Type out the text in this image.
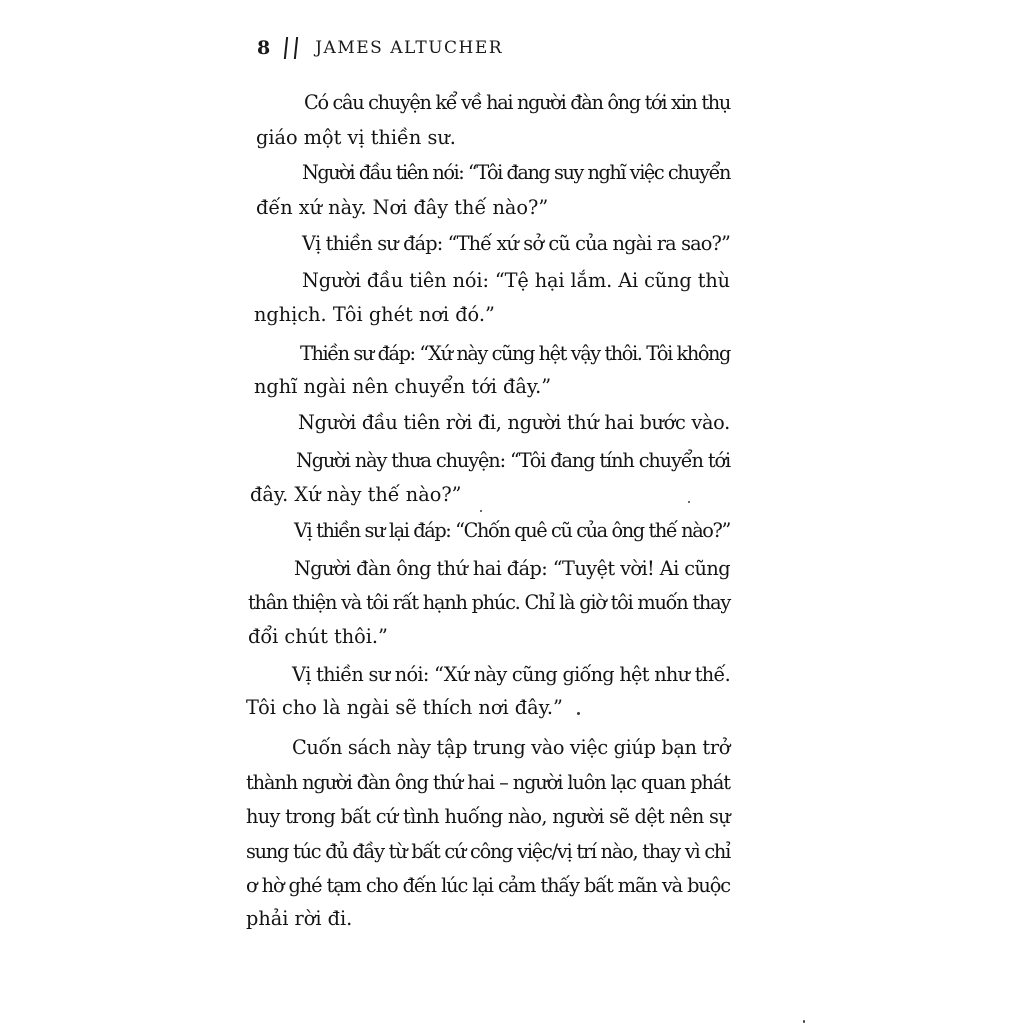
8	JAMES ALTUCHER
Có câu chuyện kể về hai người đàn ông tới xin thụ
giáo một vị thiền sư.
Người đầu tiên nói: “Tôi đang suy nghĩ việc chuyển
đến xứ này. Nơi đây thế nào?”
Vị thiền sư đáp: “Thế xứ sở cũ của ngài ra sao?”
Người đầu tiên nói: “Tệ hại lắm. Ai cũng thù
nghịch. Tôi ghét nơi đó.”
Thiền sư đáp: “Xứ này cũng hệt vậy thôi. Tôi không
nghĩ ngài nên chuyển tới đây.”
Người đầu tiên rời đi, người thứ hai bước vào.
Người này thưa chuyện: “Tôi đang tính chuyển tới
đây. Xứ này thế nào?”
Vị thiền sư lại đáp: “Chốn quê cũ của ông thế nào?”
Người đàn ông thứ hai đáp: “Tuyệt vời! Ai cũng
thân thiện và tôi rất hạnh phúc. Chỉ là giờ tôi muốn thay
đổi chút thôi.”
Vị thiền sư nói: “Xứ này cũng giống hệt như thế.
Tôi cho là ngài sẽ thích nơi đây.”
Cuốn sách này tập trung vào việc giúp bạn trở
thành người đàn ông thứ hai – người luôn lạc quan phát
huy trong bất cứ tình huống nào, người sẽ dệt nên sự
sung túc đủ đầy từ bất cứ công việc/vị trí nào, thay vì chỉ
ơ hờ ghé tạm cho đến lúc lại cảm thấy bất mãn và buộc
phải rời đi.
